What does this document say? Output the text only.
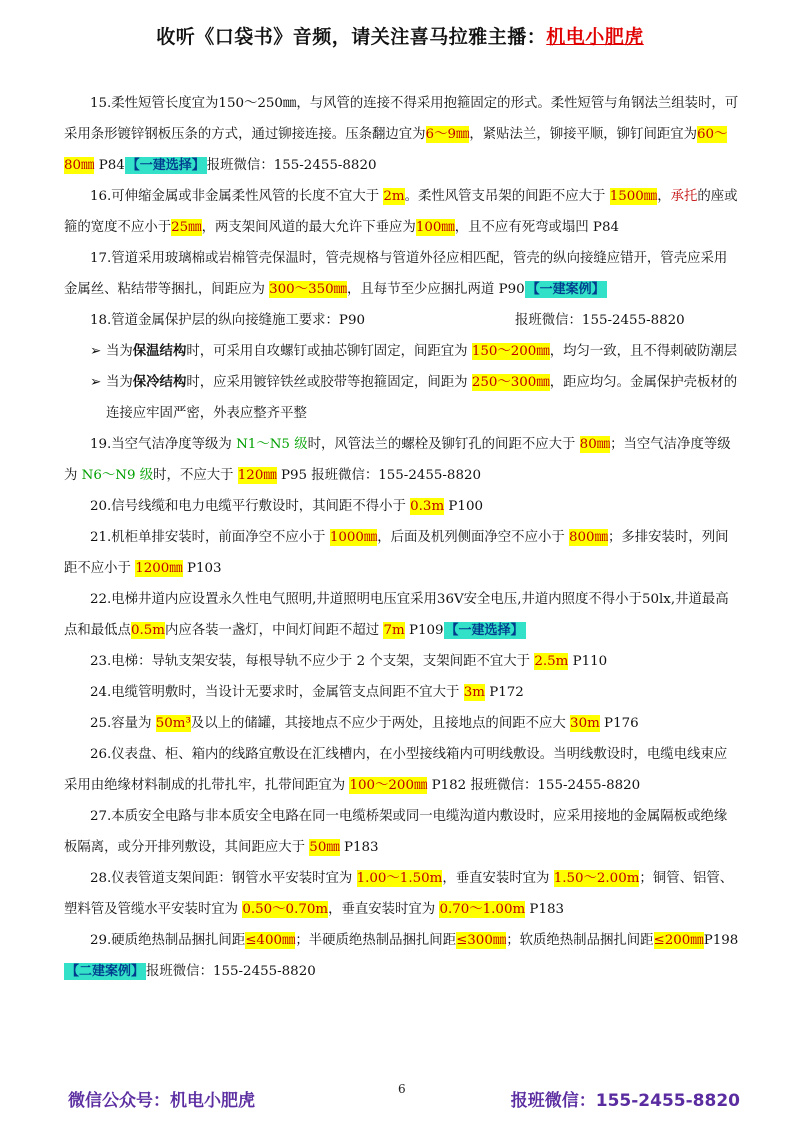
收听《口袋书》音频，请关注喜马拉雅主播：机电小肥虎

15.柔性短管长度宜为150～250㎜，与风管的连接不得采用抱箍固定的形式。柔性短管与角钢法兰组装时，可采用条形镀锌钢板压条的方式，通过铆接连接。压条翻边宜为6～9㎜，紧贴法兰，铆接平顺，铆钉间距宜为60～80㎜ P84 【一建选择】 报班微信：155-2455-8820

16.可伸缩金属或非金属柔性风管的长度不宜大于 2m。柔性风管支吊架的间距不应大于 1500㎜，承托的座或箍的宽度不应小于25㎜，两支架间风道的最大允许下垂应为100㎜，且不应有死弯或塌凹 P84

17.管道采用玻璃棉或岩棉管壳保温时，管壳规格与管道外径应相匹配，管壳的纵向接缝应错开，管壳应采用金属丝、粘结带等捆扎，间距应为 300～350㎜，且每节至少应捆扎两道 P90 【一建案例】

18.管道金属保护层的纵向接缝施工要求：P90	报班微信：155-2455-8820

➢ 当为保温结构时，可采用自攻螺钉或抽芯铆钉固定，间距宜为 150～200㎜，均匀一致，且不得刺破防潮层

➢ 当为保冷结构时，应采用镀锌铁丝或胶带等抱箍固定，间距为 250～300㎜，距应均匀。金属保护壳板材的连接应牢固严密，外表应整齐平整

19.当空气洁净度等级为 N1～N5 级时，风管法兰的螺栓及铆钉孔的间距不应大于 80㎜；当空气洁净度等级为 N6～N9 级时，不应大于 120㎜ P95 报班微信：155-2455-8820

20.信号线缆和电力电缆平行敷设时，其间距不得小于 0.3m P100

21.机柜单排安装时，前面净空不应小于 1000㎜，后面及机列侧面净空不应小于 800㎜；多排安装时，列间距不应小于 1200㎜ P103

22.电梯井道内应设置永久性电气照明,井道照明电压宜采用36V安全电压,井道内照度不得小于50lx,井道最高点和最低点0.5m内应各装一盏灯，中间灯间距不超过 7m P109 【一建选择】

23.电梯：导轨支架安装，每根导轨不应少于 2 个支架，支架间距不宜大于 2.5m P110

24.电缆管明敷时，当设计无要求时，金属管支点间距不宜大于 3m P172

25.容量为 50m³及以上的储罐，其接地点不应少于两处，且接地点的间距不应大 30m P176

26.仪表盘、柜、箱内的线路宜敷设在汇线槽内，在小型接线箱内可明线敷设。当明线敷设时，电缆电线束应采用由绝缘材料制成的扎带扎牢，扎带间距宜为 100～200㎜ P182 报班微信：155-2455-8820

27.本质安全电路与非本质安全电路在同一电缆桥架或同一电缆沟道内敷设时，应采用接地的金属隔板或绝缘板隔离，或分开排列敷设，其间距应大于 50㎜ P183

28.仪表管道支架间距：钢管水平安装时宜为 1.00～1.50m，垂直安装时宜为 1.50～2.00m；铜管、铝管、塑料管及管缆水平安装时宜为 0.50～0.70m，垂直安装时宜为 0.70～1.00m P183

29.硬质绝热制品捆扎间距≤400㎜；半硬质绝热制品捆扎间距≤300㎜；软质绝热制品捆扎间距≤200㎜P198【二建案例】 报班微信：155-2455-8820

微信公众号：机电小肥虎
6
报班微信：155-2455-8820
